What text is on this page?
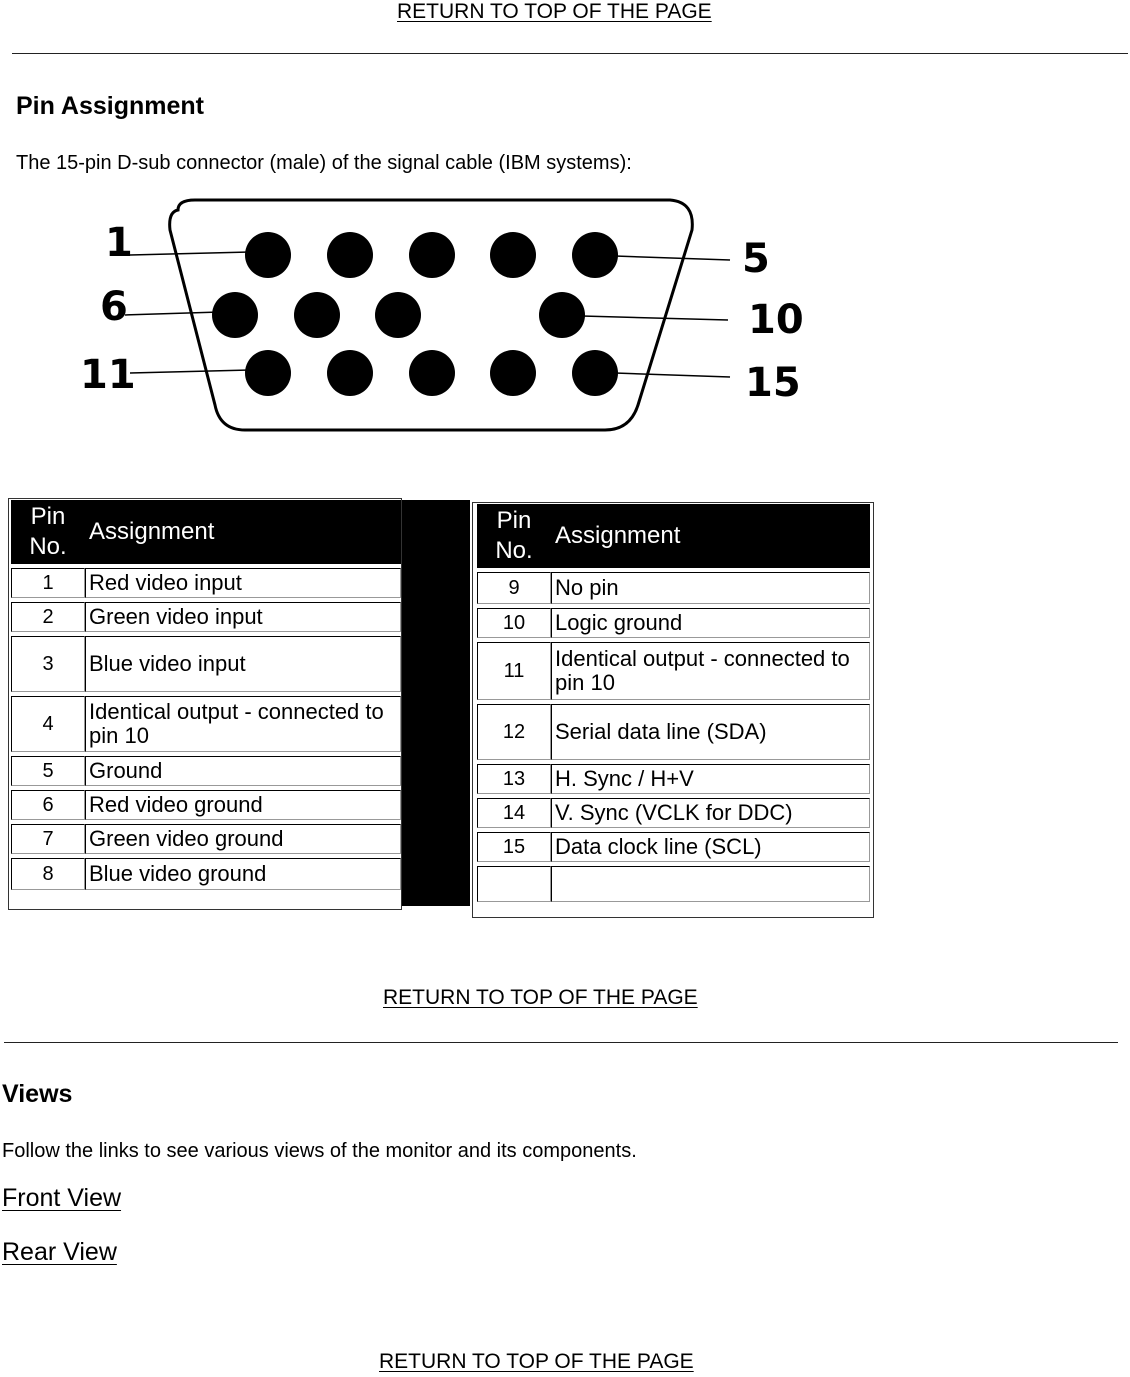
RETURN TO TOP OF THE PAGE
Pin Assignment
The 15-pin D-sub connector (male) of the signal cable (IBM systems):
1
6
11
5
10
15
Pin
No.	Assignment

1	Red video input

2	Green video input

3	Blue video input

4	Identical output - connected to pin 10

5	Ground

6	Red video ground

7	Green video ground

8	Blue video ground
Pin
No.	Assignment

9	No pin

10	Logic ground

11	Identical output - connected to pin 10

12	Serial data line (SDA)

13	H. Sync / H+V

14	V. Sync (VCLK for DDC)

15	Data clock line (SCL)

RETURN TO TOP OF THE PAGE
Views
Follow the links to see various views of the monitor and its components.
Front View
Rear View
RETURN TO TOP OF THE PAGE
